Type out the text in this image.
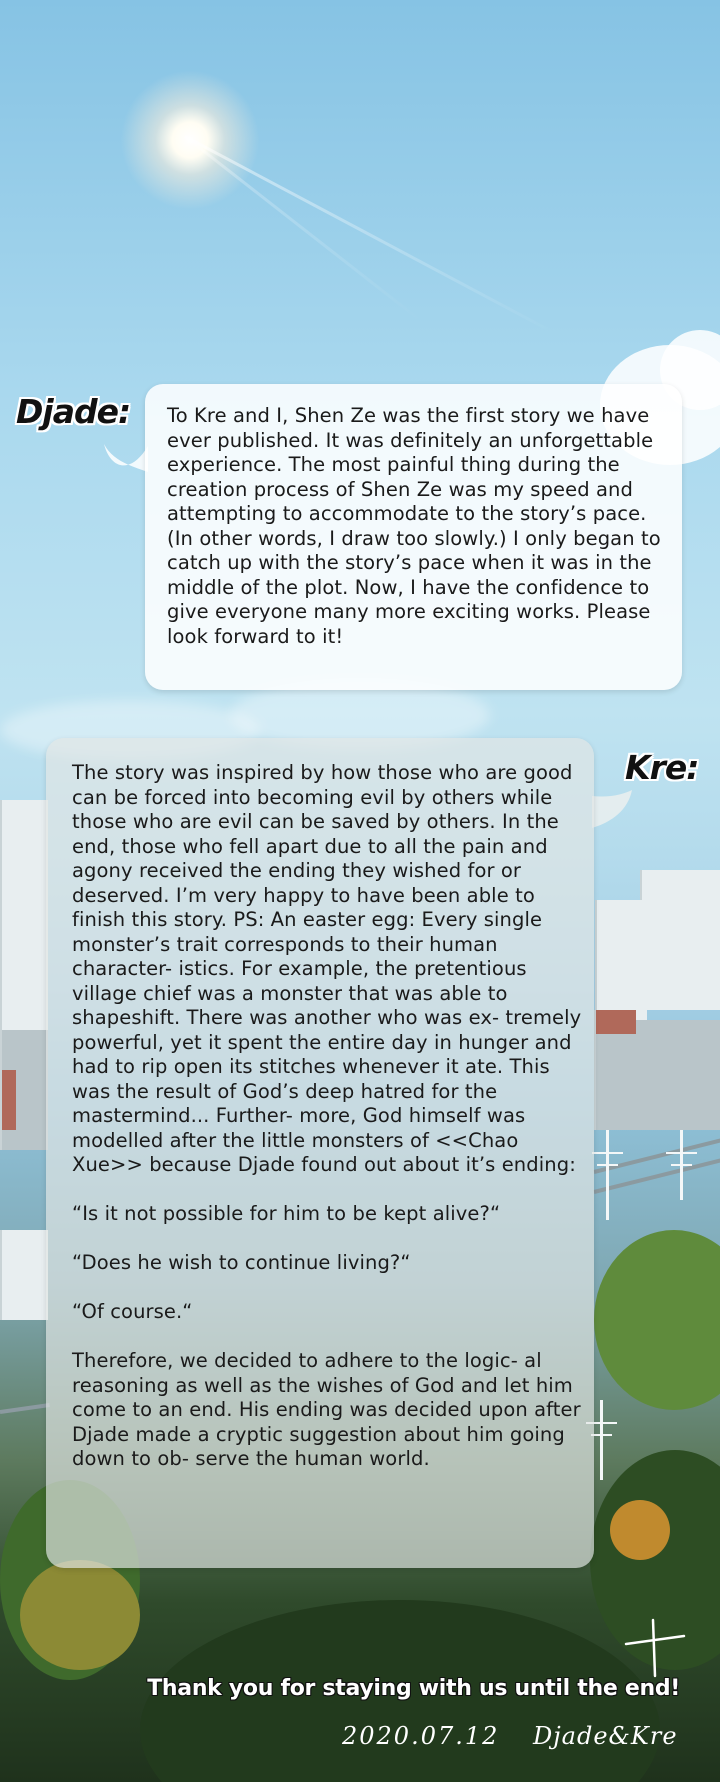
Djade: To Kre and I, Shen Ze was the first story we have ever published. It was definitely an unforgettable experience. The most painful thing during the creation process of Shen Ze was my speed and attempting to accommodate to the story’s pace. (In other words, I draw too slowly.) I only began to catch up with the story’s pace when it was in the middle of the plot. Now, I have the confidence to give everyone many more exciting works. Please look forward to it!

Kre:

The story was inspired by how those who are good can be forced into becoming evil by others while those who are evil can be saved by others. In the end, those who fell apart due to all the pain and agony received the ending they wished for or deserved. I’m very happy to have been able to finish this story. PS: An easter egg: Every single monster’s trait corresponds to their human character- istics. For example, the pretentious village chief was a monster that was able to shapeshift. There was another who was ex- tremely powerful, yet it spent the entire day in hunger and had to rip open its stitches whenever it ate. This was the result of God’s deep hatred for the mastermind... Further- more, God himself was modelled after the little monsters of <<Chao Xue>> because Djade found out about it’s ending:

“Is it not possible for him to be kept alive?“

“Does he wish to continue living?“

“Of course.“

Therefore, we decided to adhere to the logic- al reasoning as well as the wishes of God and let him come to an end. His ending was decided upon after Djade made a cryptic suggestion about him going down to ob- serve the human world.

Thank you for staying with us until the end!
2020.07.12 Djade&Kre
